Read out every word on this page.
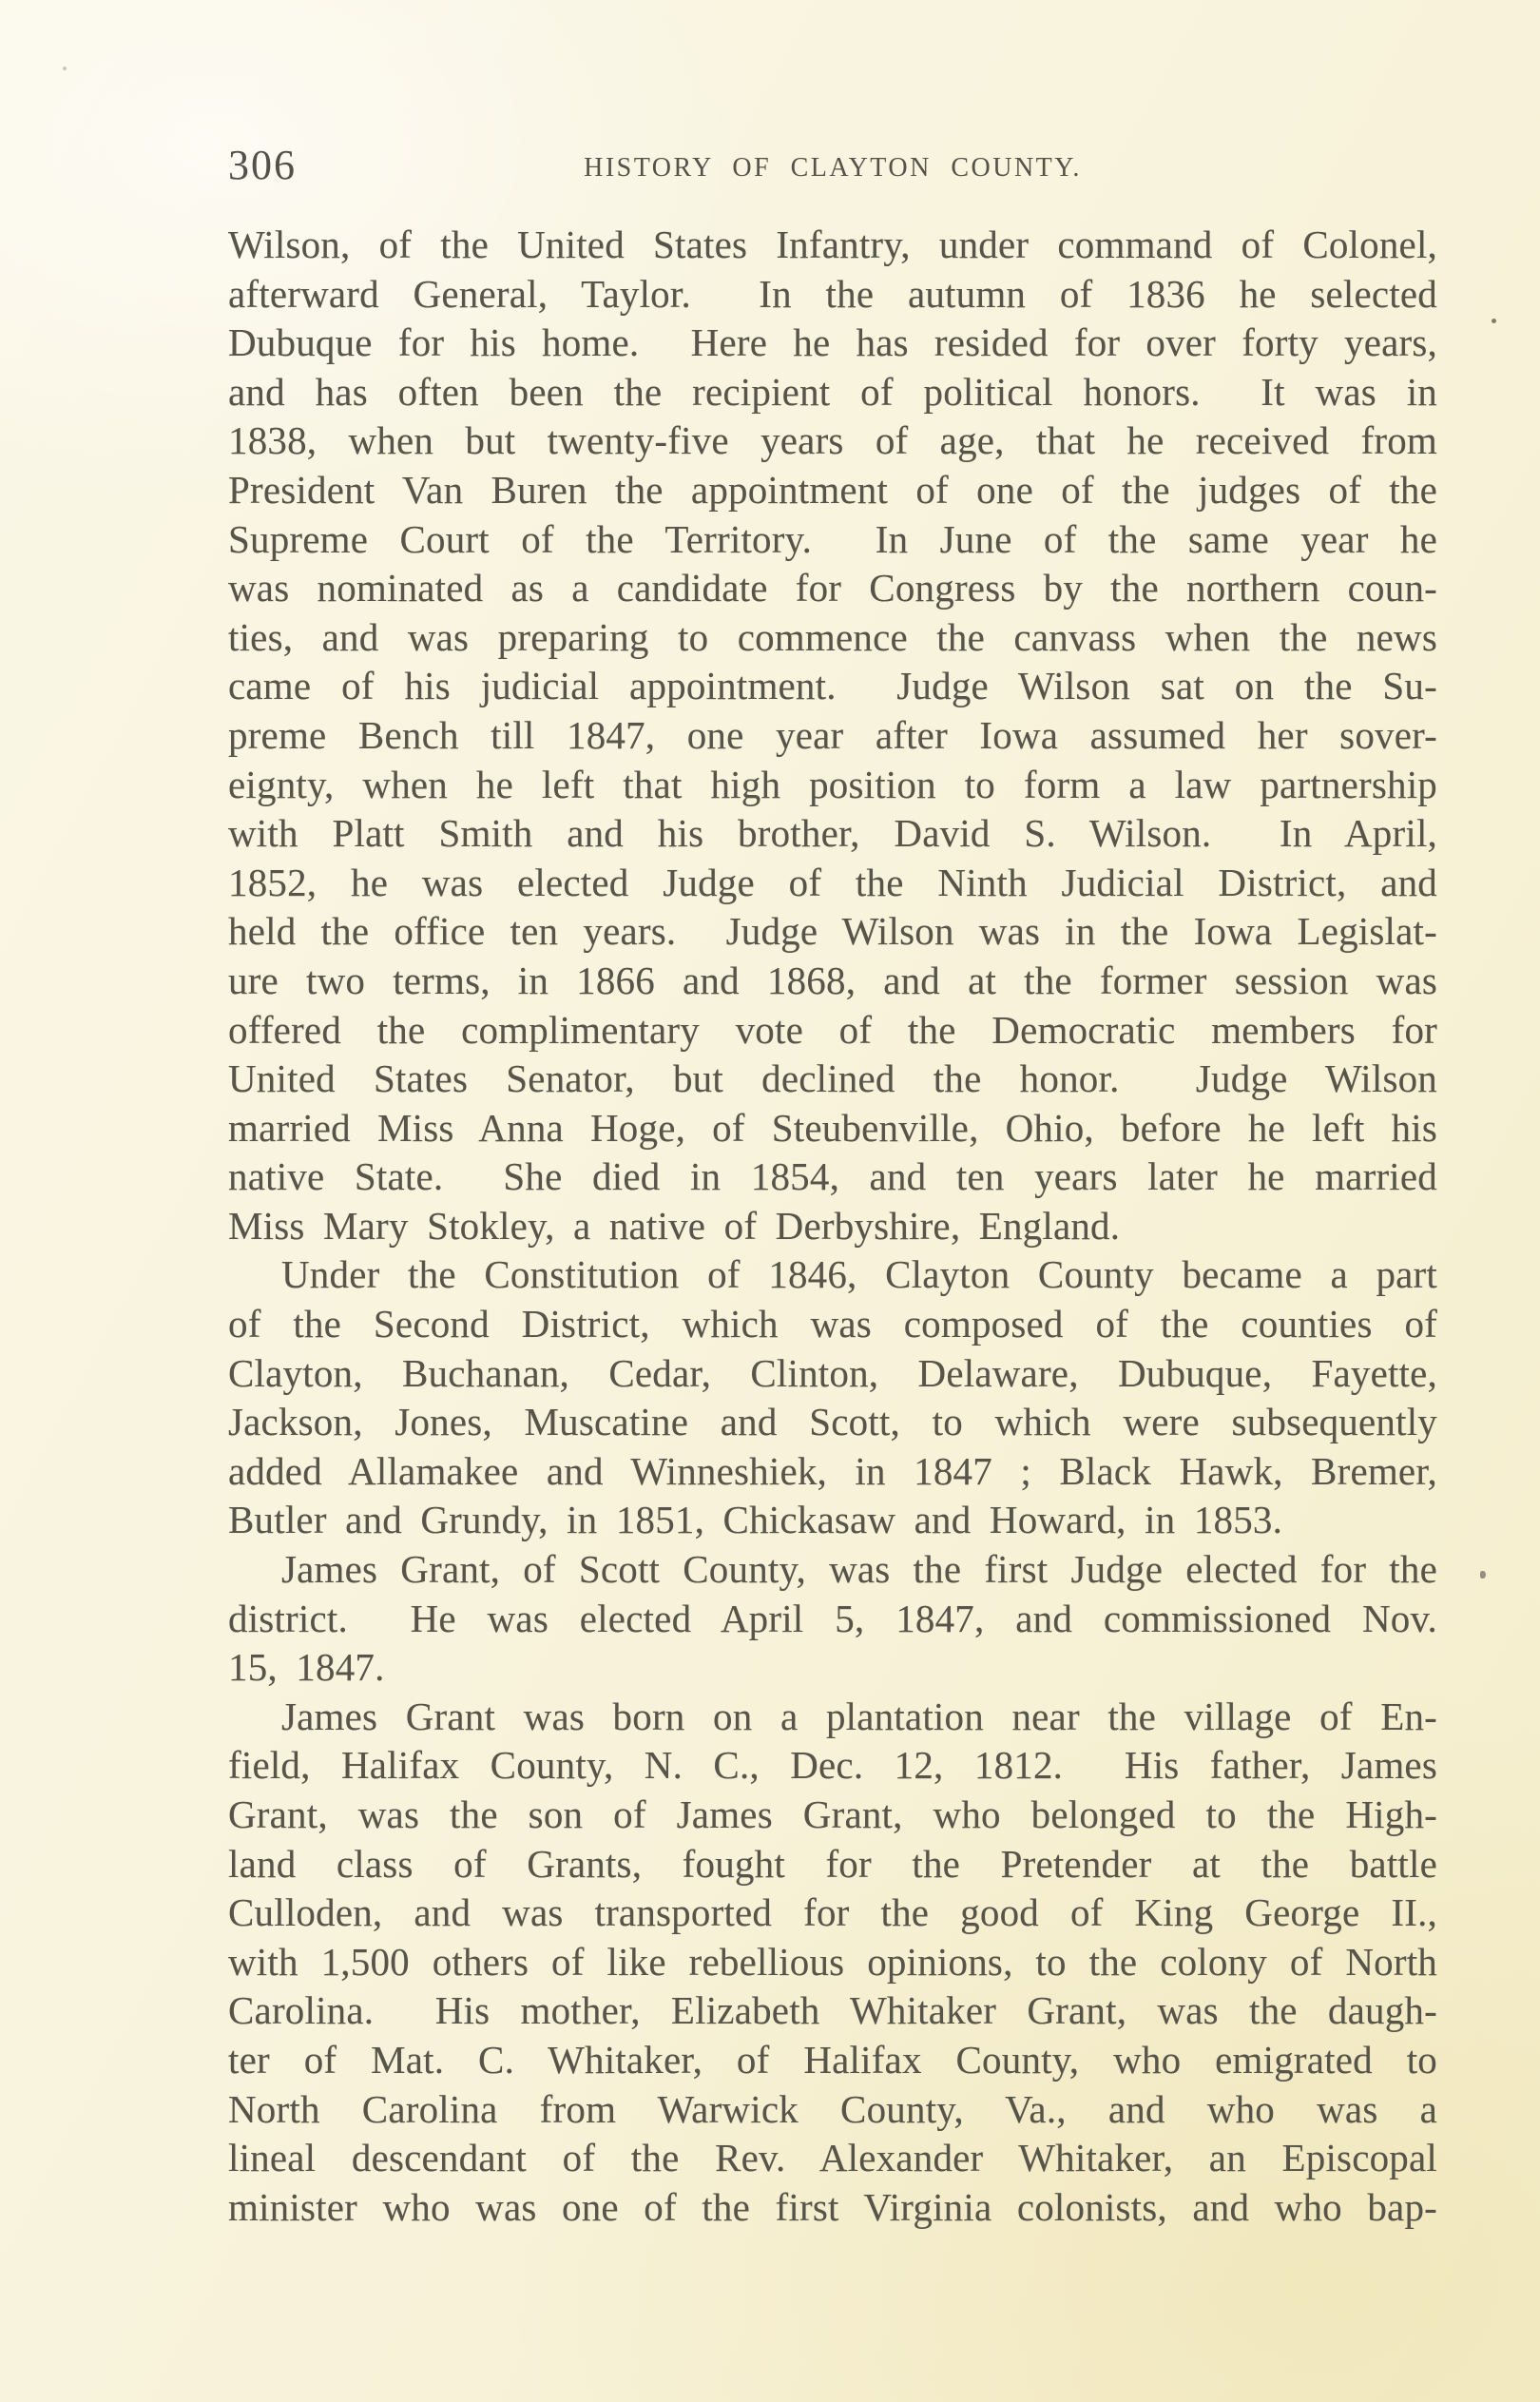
306	HISTORY OF CLAYTON COUNTY.

Wilson, of the United States Infantry, under command of Colonel,
afterward General, Taylor.  In the autumn of 1836 he selected
Dubuque for his home.  Here he has resided for over forty years,
and has often been the recipient of political honors.  It was in
1838, when but twenty-five years of age, that he received from
President Van Buren the appointment of one of the judges of the
Supreme Court of the Territory.  In June of the same year he
was nominated as a candidate for Congress by the northern coun-
ties, and was preparing to commence the canvass when the news
came of his judicial appointment.  Judge Wilson sat on the Su-
preme Bench till 1847, one year after Iowa assumed her sover-
eignty, when he left that high position to form a law partnership
with Platt Smith and his brother, David S. Wilson.  In April,
1852, he was elected Judge of the Ninth Judicial District, and
held the office ten years.  Judge Wilson was in the Iowa Legislat-
ure two terms, in 1866 and 1868, and at the former session was
offered the complimentary vote of the Democratic members for
United States Senator, but declined the honor.  Judge Wilson
married Miss Anna Hoge, of Steubenville, Ohio, before he left his
native State.  She died in 1854, and ten years later he married
Miss Mary Stokley, a native of Derbyshire, England.

Under the Constitution of 1846, Clayton County became a part
of the Second District, which was composed of the counties of
Clayton, Buchanan, Cedar, Clinton, Delaware, Dubuque, Fayette,
Jackson, Jones, Muscatine and Scott, to which were subsequently
added Allamakee and Winneshiek, in 1847 ; Black Hawk, Bremer,
Butler and Grundy, in 1851, Chickasaw and Howard, in 1853.

James Grant, of Scott County, was the first Judge elected for the
district.  He was elected April 5, 1847, and commissioned Nov.
15, 1847.

James Grant was born on a plantation near the village of En-
field, Halifax County, N. C., Dec. 12, 1812.  His father, James
Grant, was the son of James Grant, who belonged to the High-
land class of Grants, fought for the Pretender at the battle
Culloden, and was transported for the good of King George II.,
with 1,500 others of like rebellious opinions, to the colony of North
Carolina.  His mother, Elizabeth Whitaker Grant, was the daugh-
ter of Mat. C. Whitaker, of Halifax County, who emigrated to
North Carolina from Warwick County, Va., and who was a
lineal descendant of the Rev. Alexander Whitaker, an Episcopal
minister who was one of the first Virginia colonists, and who bap-
